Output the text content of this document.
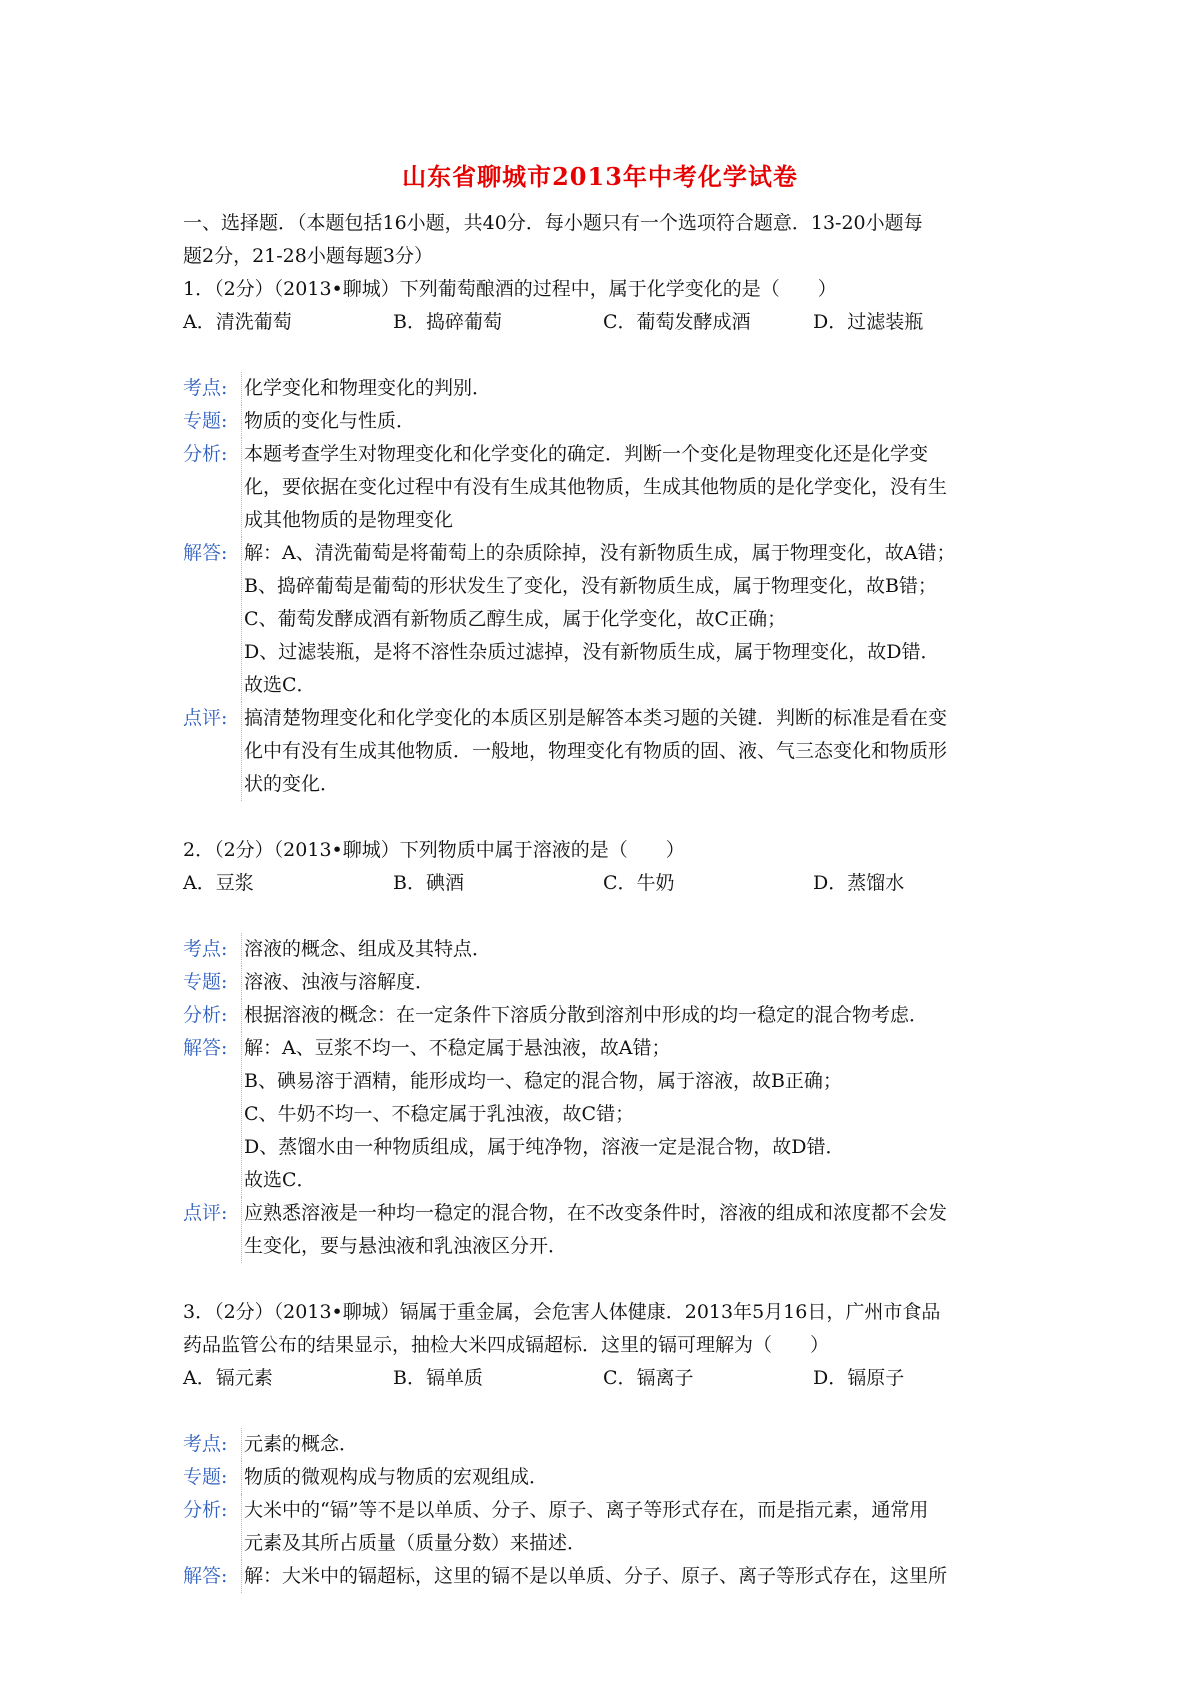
山东省聊城市2013年中考化学试卷
一、选择题．（本题包括16小题，共40分．每小题只有一个选项符合题意．13-20小题每
题2分，21-28小题每题3分）
1．（2分）（2013•聊城）下列葡萄酿酒的过程中，属于化学变化的是（　　）
A．清洗葡萄	B．捣碎葡萄	C．葡萄发酵成酒	D．过滤装瓶
考点: 化学变化和物理变化的判别．
专题: 物质的变化与性质．
分析: 本题考查学生对物理变化和化学变化的确定．判断一个变化是物理变化还是化学变
化，要依据在变化过程中有没有生成其他物质，生成其他物质的是化学变化，没有生
成其他物质的是物理变化
解答: 解：A、清洗葡萄是将葡萄上的杂质除掉，没有新物质生成，属于物理变化，故A错；
B、捣碎葡萄是葡萄的形状发生了变化，没有新物质生成，属于物理变化，故B错；
C、葡萄发酵成酒有新物质乙醇生成，属于化学变化，故C正确；
D、过滤装瓶，是将不溶性杂质过滤掉，没有新物质生成，属于物理变化，故D错．
故选C．
点评: 搞清楚物理变化和化学变化的本质区别是解答本类习题的关键．判断的标准是看在变
化中有没有生成其他物质．一般地，物理变化有物质的固、液、气三态变化和物质形
状的变化．
2．（2分）（2013•聊城）下列物质中属于溶液的是（　　）
A．豆浆	B．碘酒	C．牛奶	D．蒸馏水
考点: 溶液的概念、组成及其特点．
专题: 溶液、浊液与溶解度．
分析: 根据溶液的概念：在一定条件下溶质分散到溶剂中形成的均一稳定的混合物考虑．
解答: 解：A、豆浆不均一、不稳定属于悬浊液，故A错；
B、碘易溶于酒精，能形成均一、稳定的混合物，属于溶液，故B正确；
C、牛奶不均一、不稳定属于乳浊液，故C错；
D、蒸馏水由一种物质组成，属于纯净物，溶液一定是混合物，故D错．
故选C．
点评: 应熟悉溶液是一种均一稳定的混合物，在不改变条件时，溶液的组成和浓度都不会发
生变化，要与悬浊液和乳浊液区分开．
3．（2分）（2013•聊城）镉属于重金属，会危害人体健康．2013年5月16日，广州市食品
药品监管公布的结果显示，抽检大米四成镉超标．这里的镉可理解为（　　）
A．镉元素	B．镉单质	C．镉离子	D．镉原子
考点: 元素的概念．
专题: 物质的微观构成与物质的宏观组成．
分析: 大米中的“镉”等不是以单质、分子、原子、离子等形式存在，而是指元素，通常用
元素及其所占质量（质量分数）来描述．
解答: 解：大米中的镉超标，这里的镉不是以单质、分子、原子、离子等形式存在，这里所
